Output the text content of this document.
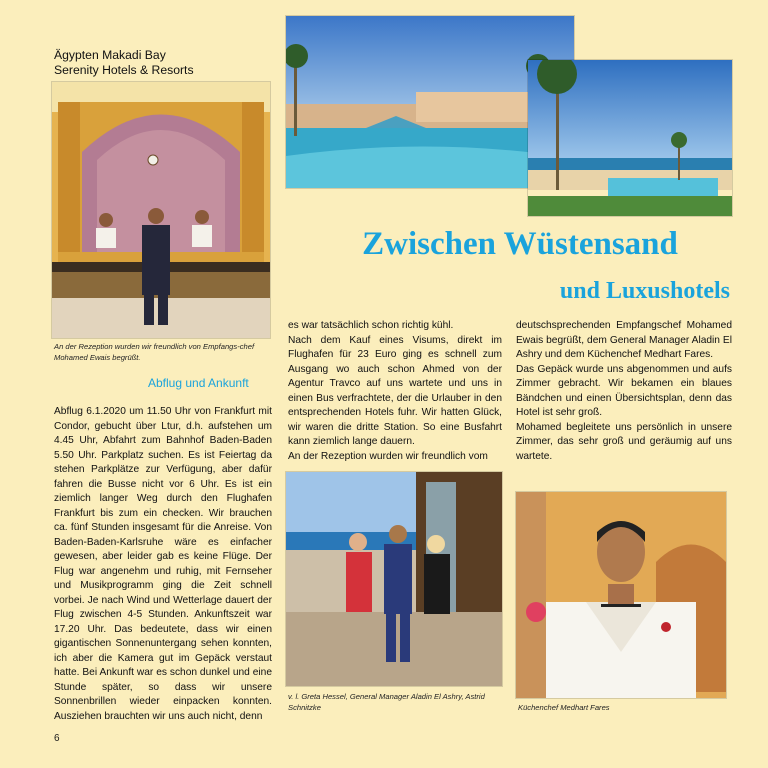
Ägypten Makadi Bay
Serenity Hotels & Resorts
An der Rezeption wurden wir freundlich von Empfangs-chef Mohamed Ewais begrüßt.
Abflug und Ankunft

Abflug 6.1.2020 um 11.50 Uhr von Frankfurt mit Condor, gebucht über Ltur, d.h. aufstehen um 4.45 Uhr, Abfahrt zum Bahnhof Baden-Baden 5.50 Uhr. Parkplatz suchen. Es ist Feiertag da stehen Parkplätze zur Verfügung, aber dafür fahren die Busse nicht vor 6 Uhr. Es ist ein ziemlich langer Weg durch den Flughafen Frankfurt bis zum ein checken. Wir brauchen ca. fünf Stunden insgesamt für die Anreise. Von Baden-Baden-Karlsruhe wäre es einfacher gewesen, aber leider gab es keine Flüge. Der Flug war angenehm und ruhig, mit Fernseher und Musikprogramm ging die Zeit schnell vorbei. Je nach Wind und Wetterlage dauert der Flug zwischen 4-5 Stunden. Ankunftszeit war 17.20 Uhr. Das bedeutete, dass wir einen gigantischen Sonnenuntergang sehen konnten, ich aber die Kamera gut im Gepäck verstaut hatte. Bei Ankunft war es schon dunkel und eine Stunde später, so dass wir unsere Sonnenbrillen wieder einpacken konnten. Ausziehen brauchten wir uns auch nicht, denn

Zwischen Wüstensand
und Luxushotels

es war tatsächlich schon richtig kühl.

Nach dem Kauf eines Visums, direkt im Flughafen für 23 Euro ging es schnell zum Ausgang wo auch schon Ahmed von der Agentur Travco auf uns wartete und uns in einen Bus verfrachtete, der die Urlauber in den entsprechenden Hotels fuhr. Wir hatten Glück, wir waren die dritte Station. So eine Busfahrt kann ziemlich lange dauern.

An der Rezeption wurden wir freundlich vom

deutschsprechenden Empfangschef Mohamed Ewais begrüßt, dem General Manager Aladin El Ashry und dem Küchenchef Medhart Fares.

Das Gepäck wurde uns abgenommen und aufs Zimmer gebracht. Wir bekamen ein blaues Bändchen und einen Übersichtsplan, denn das Hotel ist sehr groß.

Mohamed begleitete uns persönlich in unsere Zimmer, das sehr groß und geräumig auf uns wartete.

v. l. Greta Hessel, General Manager Aladin El Ashry, Astrid Schnitzke	Küchenchef Medhart Fares
6
